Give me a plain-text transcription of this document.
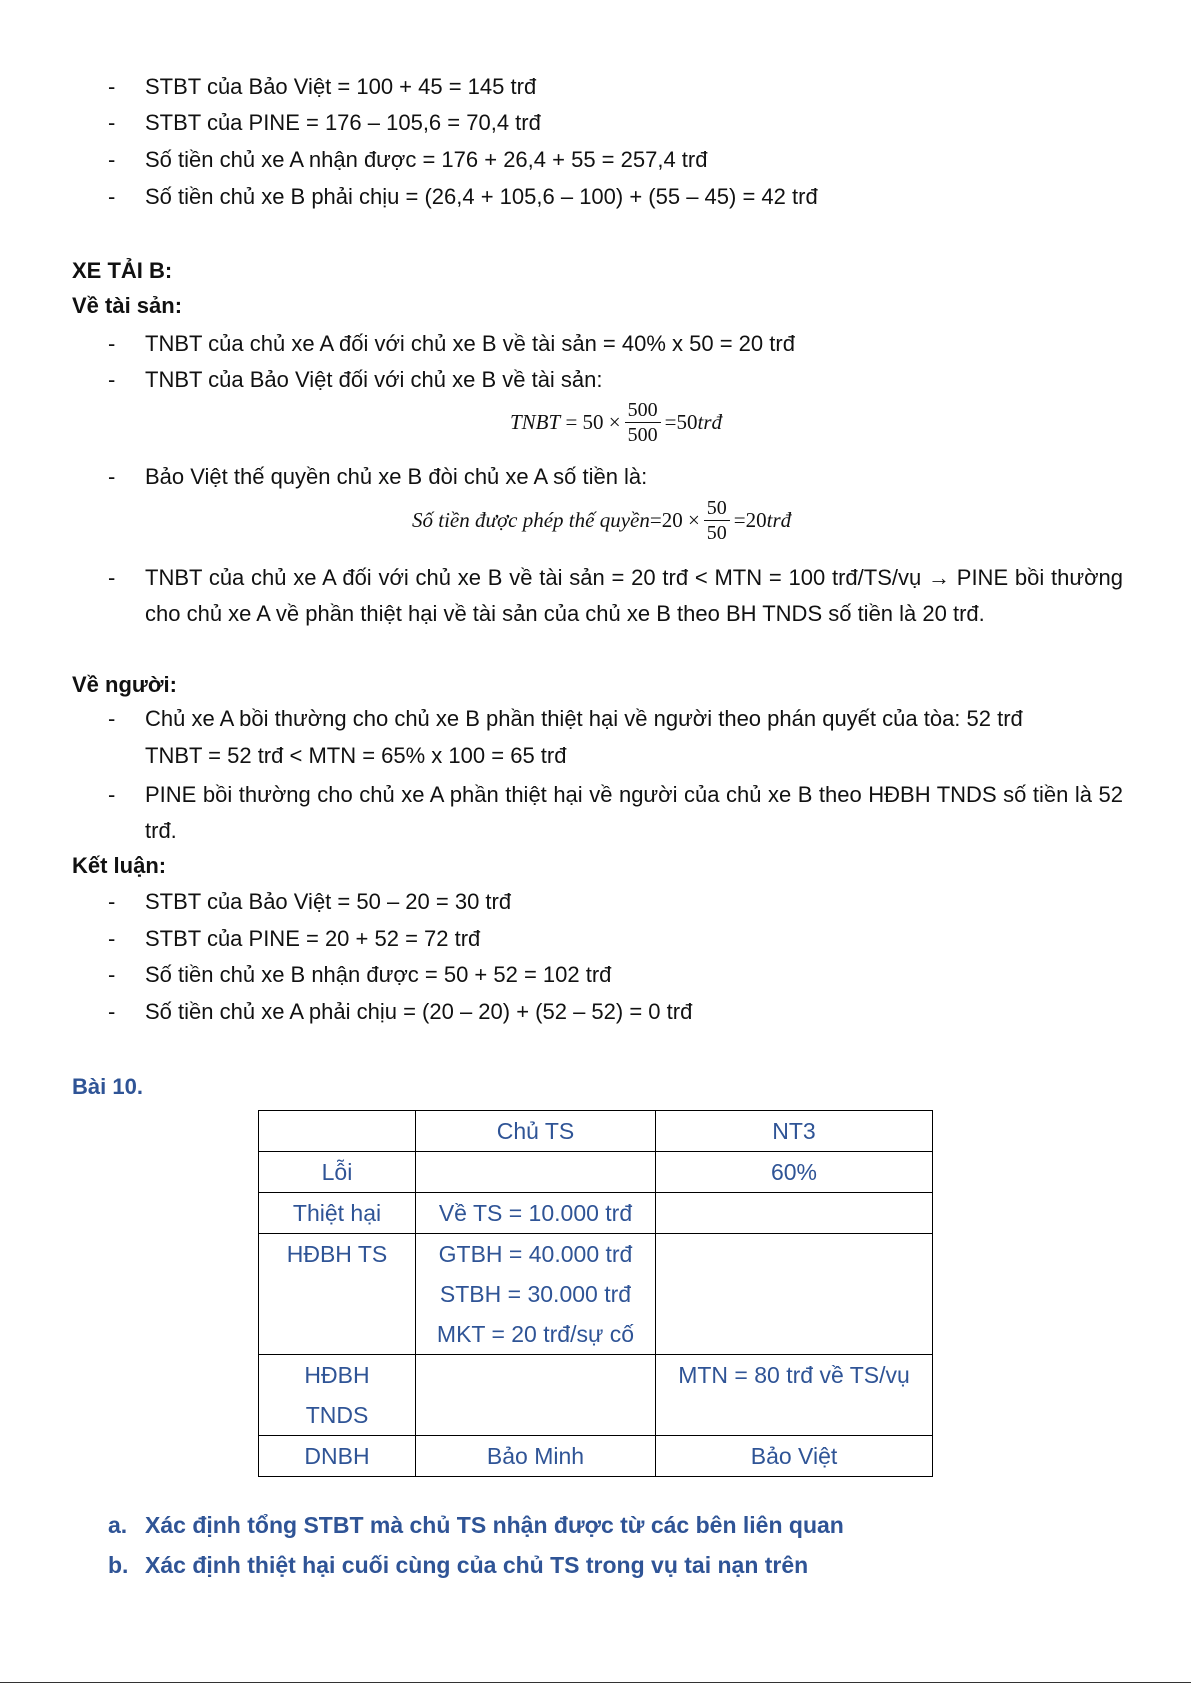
- STBT của Bảo Việt = 100 + 45 = 145 trđ
- STBT của PINE = 176 – 105,6 = 70,4 trđ
- Số tiền chủ xe A nhận được = 176 + 26,4 + 55 = 257,4 trđ
- Số tiền chủ xe B phải chịu = (26,4 + 105,6 – 100) + (55 – 45) = 42 trđ
XE TẢI B:
Về tài sản:
- TNBT của chủ xe A đối với chủ xe B về tài sản = 40% x 50 = 20 trđ
- TNBT của Bảo Việt đối với chủ xe B về tài sản:
TNBT = 50
× $\frac{500}{500} = 50$ trđ
- Bảo Việt thế quyền chủ xe B đòi chủ xe A số tiền là:
Số tiền được phép thế quyền = 20
× $\frac{50}{50} = 20$ trđ
- TNBT của chủ xe A đối với chủ xe B về tài sản = 20 trđ < MTN = 100 trđ/TS/vụ → PINE bồi thường cho chủ xe A về phần thiệt hại về tài sản của chủ xe B theo BH TNDS số tiền là 20 trđ.
Về người:
- Chủ xe A bồi thường cho chủ xe B phần thiệt hại về người theo phán quyết của tòa: 52 trđ
TNBT = 52 trđ < MTN = 65% x 100 = 65 trđ
- PINE bồi thường cho chủ xe A phần thiệt hại về người của chủ xe B theo HĐBH TNDS số tiền là 52 trđ.
Kết luận:
- STBT của Bảo Việt = 50 – 20 = 30 trđ
- STBT của PINE = 20 + 52 = 72 trđ
- Số tiền chủ xe B nhận được = 50 + 52 = 102 trđ
- Số tiền chủ xe A phải chịu = (20 – 20) + (52 – 52) = 0 trđ
Bài 10.
	Chủ TS	NT3
Lỗi		60%
Thiệt hại	Về TS = 10.000 trđ	
HĐBH TS	GTBH = 40.000 trđ
STBH = 30.000 trđ
MKT = 20 trđ/sự cố	

HĐBH
TNDS		MTN = 80 trđ về TS/vụ
DNBH	Bảo Minh	Bảo Việt
a. Xác định tổng STBT mà chủ TS nhận được từ các bên liên quan
b. Xác định thiệt hại cuối cùng của chủ TS trong vụ tai nạn trên
